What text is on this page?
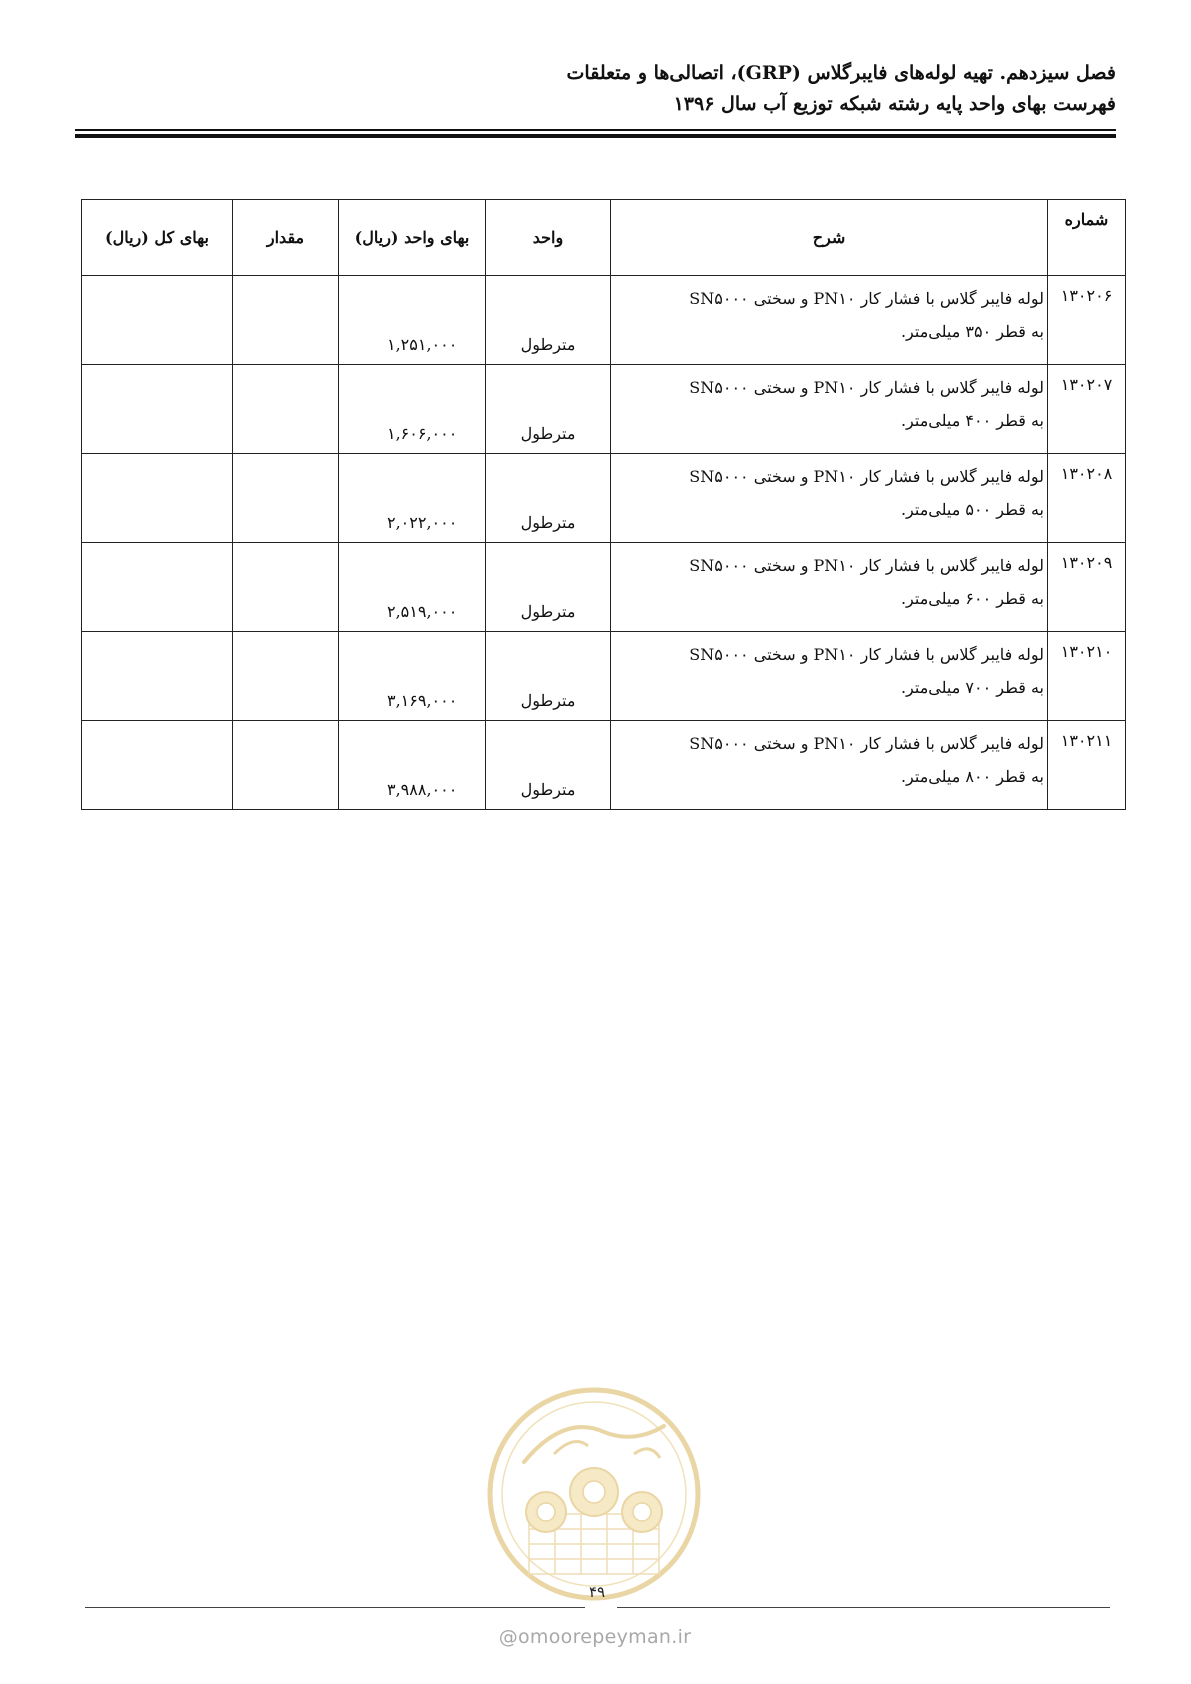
فصل سیزدهم. تهیه لوله‌های فایبرگلاس (GRP)، اتصالی‌ها و متعلقات
فهرست بهای واحد پایه رشته شبکه توزیع آب سال ۱۳۹۶
شماره	شرح	واحد	بهای واحد (ریال)	مقدار	بهای کل (ریال)
۱۳۰۲۰۶	لوله فایبر گلاس با فشار کار PN۱۰ و سختی SN۵۰۰۰
به قطر ۳۵۰ میلی‌متر.	مترطول	۱,۲۵۱,۰۰۰		
۱۳۰۲۰۷	لوله فایبر گلاس با فشار کار PN۱۰ و سختی SN۵۰۰۰
به قطر ۴۰۰ میلی‌متر.	مترطول	۱,۶۰۶,۰۰۰		
۱۳۰۲۰۸	لوله فایبر گلاس با فشار کار PN۱۰ و سختی SN۵۰۰۰
به قطر ۵۰۰ میلی‌متر.	مترطول	۲,۰۲۲,۰۰۰		
۱۳۰۲۰۹	لوله فایبر گلاس با فشار کار PN۱۰ و سختی SN۵۰۰۰
به قطر ۶۰۰ میلی‌متر.	مترطول	۲,۵۱۹,۰۰۰		
۱۳۰۲۱۰	لوله فایبر گلاس با فشار کار PN۱۰ و سختی SN۵۰۰۰
به قطر ۷۰۰ میلی‌متر.	مترطول	۳,۱۶۹,۰۰۰		
۱۳۰۲۱۱	لوله فایبر گلاس با فشار کار PN۱۰ و سختی SN۵۰۰۰
به قطر ۸۰۰ میلی‌متر.	مترطول	۳,۹۸۸,۰۰۰		
۴۹
@omoorepeyman.ir
